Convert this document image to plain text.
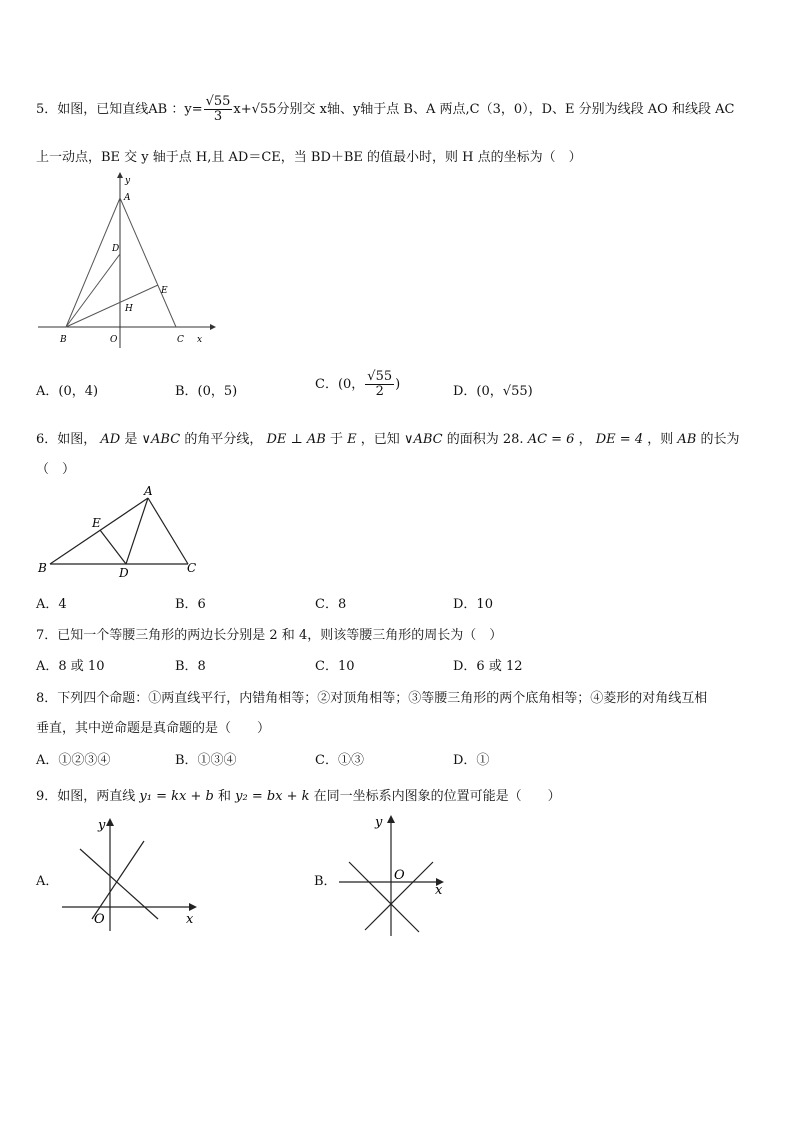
5．如图，已知直线AB ：$y= \frac{√55}{3} x+√55$分别交 x轴、y轴于点 B、A 两点,C（3，0），D、E 分别为线段 AO 和线段 AC
上一动点，BE 交 y 轴于点 H,且 AD＝CE，当 BD＋BE 的值最小时，则 H 点的坐标为（　）
y
A
D
E
H
B	O	C x
A．(0，4)	B．(0，5)	C．(0， $\frac{√55}{2}$ )	D．(0，√55)
6．如图， AD 是 ∨ABC 的角平分线， DE ⊥ AB 于 E ，已知 ∨ABC 的面积为 28. AC = 6 ， DE = 4 ，则 AB 的长为
（　）
A
E
B	D	C
A．4	B．6	C．8	D．10
7．已知一个等腰三角形的两边长分别是 2 和 4，则该等腰三角形的周长为（　）
A．8 或 10	B．8	C．10	D．6 或 12
8．下列四个命题：①两直线平行，内错角相等；②对顶角相等；③等腰三角形的两个底角相等；④菱形的对角线互相
垂直，其中逆命题是真命题的是（　　）
A．①②③④	B．①③④	C．①③	D．①
9．如图，两直线 y₁ = kx + b 和 y₂ = bx + k 在同一坐标系内图象的位置可能是（　　）
A．
y
O	x
B．
y
O
x
